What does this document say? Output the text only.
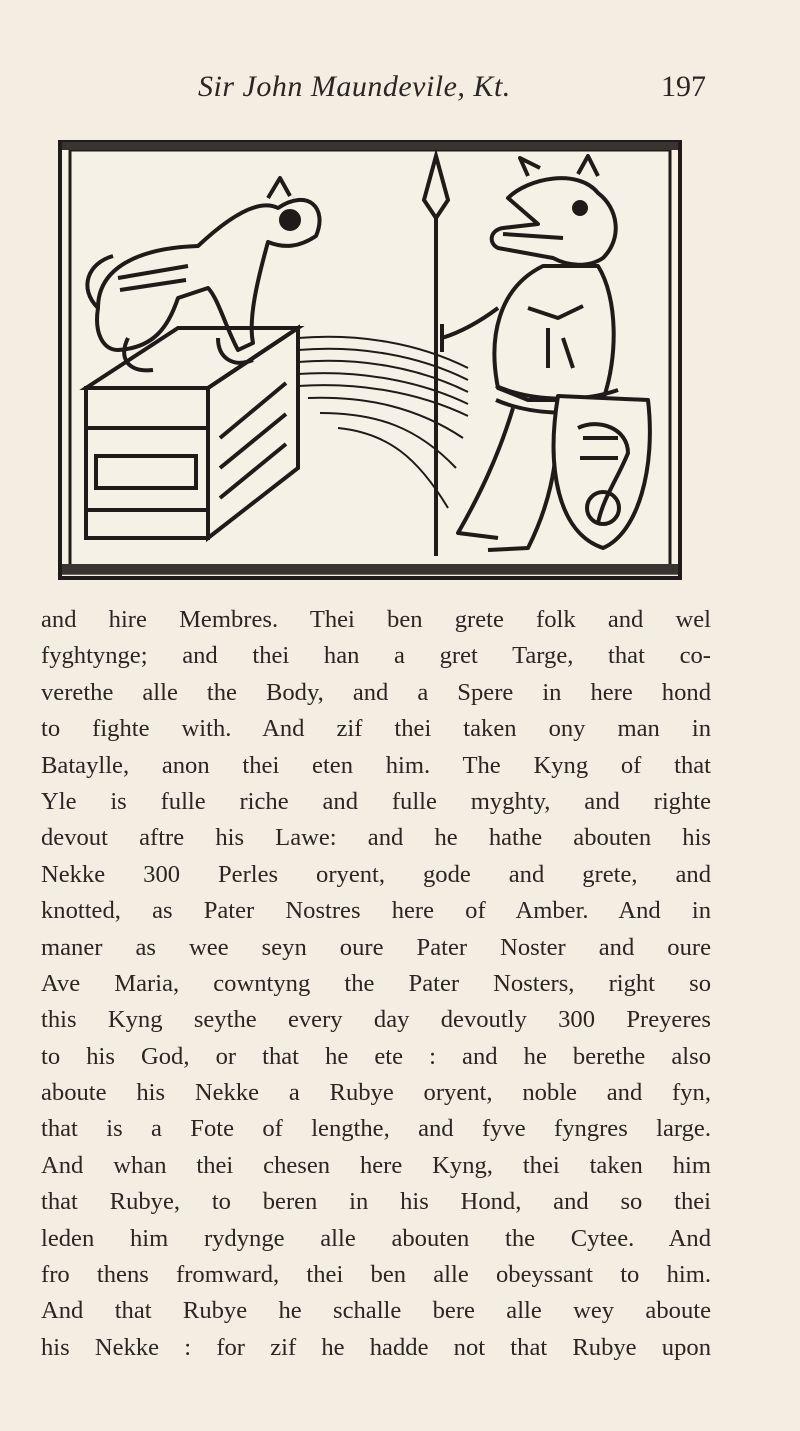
Sir John Maundevile, Kt.	197
and hire Membres. Thei ben grete folk and wel
fyghtynge; and thei han a gret Targe, that co-
verethe alle the Body, and a Spere in here hond
to fighte with. And zif thei taken ony man in
Bataylle, anon thei eten him. The Kyng of that
Yle is fulle riche and fulle myghty, and righte
devout aftre his Lawe: and he hathe abouten his
Nekke 300 Perles oryent, gode and grete, and
knotted, as Pater Nostres here of Amber. And in
maner as wee seyn oure Pater Noster and oure
Ave Maria, cowntyng the Pater Nosters, right so
this Kyng seythe every day devoutly 300 Preyeres
to his God, or that he ete : and he berethe also
aboute his Nekke a Rubye oryent, noble and fyn,
that is a Fote of lengthe, and fyve fyngres large.
And whan thei chesen here Kyng, thei taken him
that Rubye, to beren in his Hond, and so thei
leden him rydynge alle abouten the Cytee. And
fro thens fromward, thei ben alle obeyssant to him.
And that Rubye he schalle bere alle wey aboute
his Nekke : for zif he hadde not that Rubye upon
